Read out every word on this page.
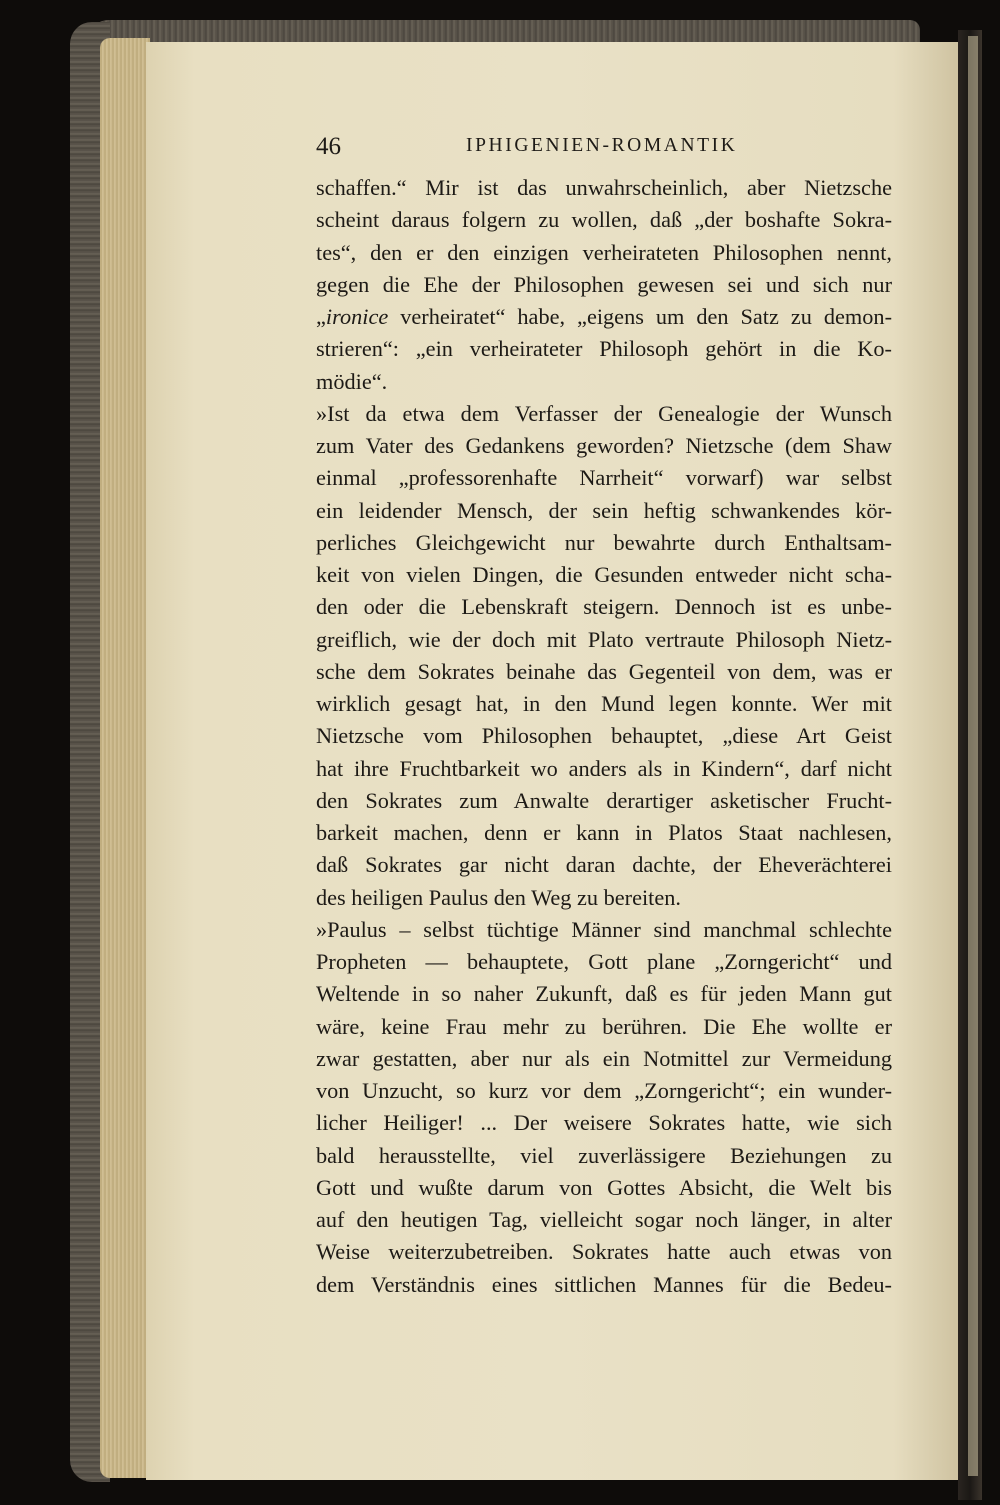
46	IPHIGENIEN-ROMANTIK
schaffen.“ Mir ist das unwahrscheinlich, aber Nietzsche
scheint daraus folgern zu wollen, daß „der boshafte Sokra-
tes“, den er den einzigen verheirateten Philosophen nennt,
gegen die Ehe der Philosophen gewesen sei und sich nur
„ironice verheiratet“ habe, „eigens um den Satz zu demon-
strieren“: „ein verheirateter Philosoph gehört in die Ko-
mödie“.
»Ist da etwa dem Verfasser der Genealogie der Wunsch
zum Vater des Gedankens geworden? Nietzsche (dem Shaw
einmal „professorenhafte Narrheit“ vorwarf) war selbst
ein leidender Mensch, der sein heftig schwankendes kör-
perliches Gleichgewicht nur bewahrte durch Enthaltsam-
keit von vielen Dingen, die Gesunden entweder nicht scha-
den oder die Lebenskraft steigern. Dennoch ist es unbe-
greiflich, wie der doch mit Plato vertraute Philosoph Nietz-
sche dem Sokrates beinahe das Gegenteil von dem, was er
wirklich gesagt hat, in den Mund legen konnte. Wer mit
Nietzsche vom Philosophen behauptet, „diese Art Geist
hat ihre Fruchtbarkeit wo anders als in Kindern“, darf nicht
den Sokrates zum Anwalte derartiger asketischer Frucht-
barkeit machen, denn er kann in Platos Staat nachlesen,
daß Sokrates gar nicht daran dachte, der Eheverächterei
des heiligen Paulus den Weg zu bereiten.
»Paulus – selbst tüchtige Männer sind manchmal schlechte
Propheten — behauptete, Gott plane „Zorngericht“ und
Weltende in so naher Zukunft, daß es für jeden Mann gut
wäre, keine Frau mehr zu berühren. Die Ehe wollte er
zwar gestatten, aber nur als ein Notmittel zur Vermeidung
von Unzucht, so kurz vor dem „Zorngericht“; ein wunder-
licher Heiliger! ... Der weisere Sokrates hatte, wie sich
bald herausstellte, viel zuverlässigere Beziehungen zu
Gott und wußte darum von Gottes Absicht, die Welt bis
auf den heutigen Tag, vielleicht sogar noch länger, in alter
Weise weiterzubetreiben. Sokrates hatte auch etwas von
dem Verständnis eines sittlichen Mannes für die Bedeu-
